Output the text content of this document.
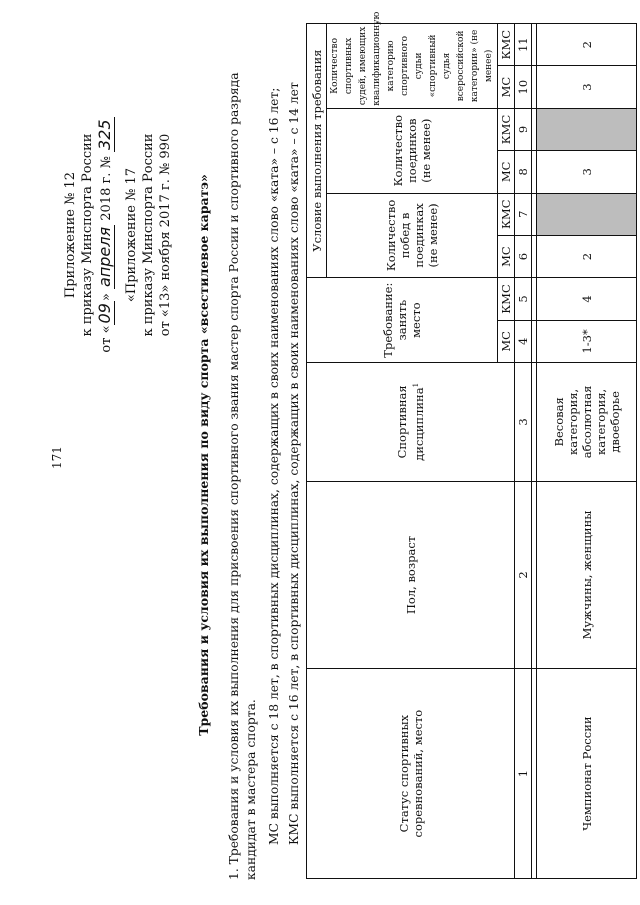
171
Приложение № 12 к приказу Минспорта России
от «09» апреля 2018 г. № 325
«Приложение № 17 к приказу Минспорта России от «13» ноября 2017 г. № 990 Требования и условия их выполнения по виду спорта «всестилевое каратэ» 1. Требования и условия их выполнения для присвоения спортивного звания мастер спорта России и спортивного разряда кандидат в мастера спорта. МС выполняется с 18 лет, в спортивных дисциплинах, содержащих в своих наименованиях слово «ката» – с 16 лет; КМС выполняется с 16 лет, в спортивных дисциплинах, содержащих в своих наименованиях слово «ката» – с 14 лет	Статус спортивных соревнований, место	Пол, возраст	Спортивная дисциплина$^1$	Требование: занять место		Условие выполнения требования					
					Количество побед в поединках (не менее)		Количество поединков (не менее)		Количество спортивных судей, имеющих квалификационную категорию спортивного судьи «спортивный судья всероссийской категории» (не менее)	
			МС	КМС	МС	КМС	МС	КМС	МС	КМС
1	2	3	4	5	6	7	8	9	10	11

Чемпионат России	Мужчины, женщины	Весовая категория, абсолютная категория, двоеборье	1-3*	4	2		3		3	2
